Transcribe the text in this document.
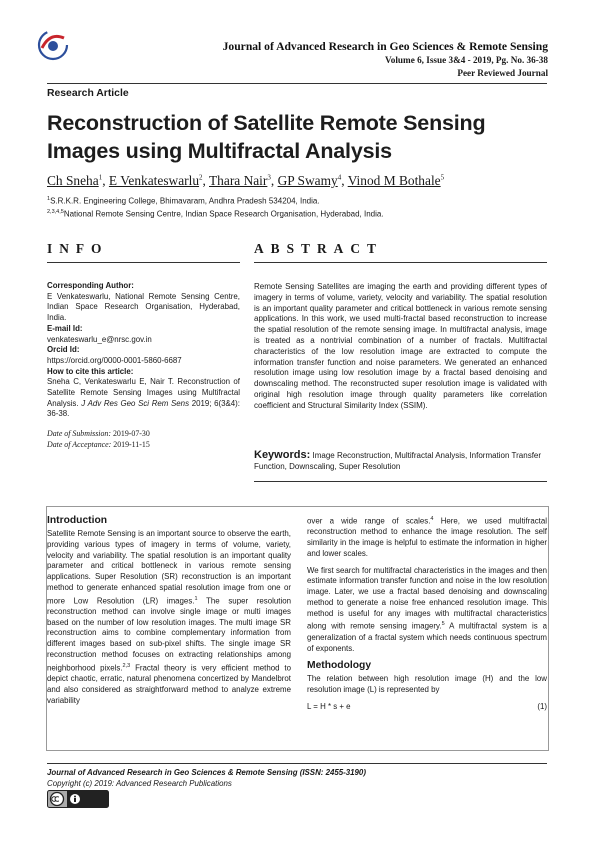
Journal of Advanced Research in Geo Sciences & Remote Sensing
Volume 6, Issue 3&4 - 2019, Pg. No. 36-38
Peer Reviewed Journal
Research Article
Reconstruction of Satellite Remote Sensing Images using Multifractal Analysis
Ch Sneha$^1$, E Venkateswarlu$^2$, Thara Nair$^3$, GP Swamy$^4$, Vinod M Bothale$^5$
$^1$S.R.K.R. Engineering College, Bhimavaram, Andhra Pradesh 534204, India.
$^{2,3,4,5}$National Remote Sensing Centre, Indian Space Research Organisation, Hyderabad, India.
INFO	ABSTRACT
Corresponding Author:
E Venkateswarlu, National Remote Sensing Centre, Indian Space Research Organisation, Hyderabad, India.
E-mail Id:
venkateswarlu_e@nrsc.gov.in
Orcid Id:
https://orcid.org/0000-0001-5860-6687
How to cite this article:
Sneha C, Venkateswarlu E, Nair T. Reconstruction of Satellite Remote Sensing Images using Multifractal Analysis. J Adv Res Geo Sci Rem Sens 2019; 6(3&4): 36-38.
Date of Submission: 2019-07-30
Date of Acceptance: 2019-11-15
Remote Sensing Satellites are imaging the earth and providing different types of imagery in terms of volume, variety, velocity and variability. The spatial resolution is an important quality parameter and critical bottleneck in various remote sensing applications. In this work, we used multi-fractal based reconstruction to increase the spatial resolution of the remote sensing image. In multifractal analysis, image is treated as a nontrivial combination of a number of fractals. Multifractal characteristics of the low resolution image are extracted to compute the information transfer function and noise parameters. We generated an enhanced resolution image using low resolution image by a fractal based denoising and downscaling method. The reconstructed super resolution image is validated with original high resolution image through quality parameters like correlation coefficient and Structural Similarity Index (SSIM).
Keywords: Image Reconstruction, Multifractal Analysis, Information Transfer Function, Downscaling, Super Resolution
Introduction
Satellite Remote Sensing is an important source to observe the earth, providing various types of imagery in terms of volume, variety, velocity and variability. The spatial resolution is an important quality parameter and critical bottleneck in various remote sensing applications. Super Resolution (SR) reconstruction is an important method to generate enhanced spatial resolution image from one or more Low Resolution (LR) images.$^1$ The super resolution reconstruction method can involve single image or multi images based on the number of low resolution images. The multi image SR reconstruction aims to combine complementary information from different images based on sub-pixel shifts. The single image SR reconstruction method focuses on extracting relationships among neighborhood pixels.$^{2,3}$ Fractal theory is very efficient method to depict chaotic, erratic, natural phenomena concertized by Mandelbrot and also considered as straightforward method to analyze extreme variability
over a wide range of scales.$^4$ Here, we used multifractal reconstruction method to enhance the image resolution. The self similarity in the image is helpful to estimate the information in higher and lower scales.
We first search for multifractal characteristics in the images and then estimate information transfer function and noise in the low resolution image. Later, we use a fractal based denoising and downscaling method to generate a noise free enhanced resolution image. This method is useful for any images with multifractal characteristics along with remote sensing imagery.$^5$ A multifractal system is a generalization of a fractal system which needs continuous spectrum of exponents.
Methodology
The relation between high resolution image (H) and the low resolution image (L) is represented by
L = H * s + e	(1)
Journal of Advanced Research in Geo Sciences & Remote Sensing (ISSN: 2455-3190)
Copyright (c) 2019: Advanced Research Publications
